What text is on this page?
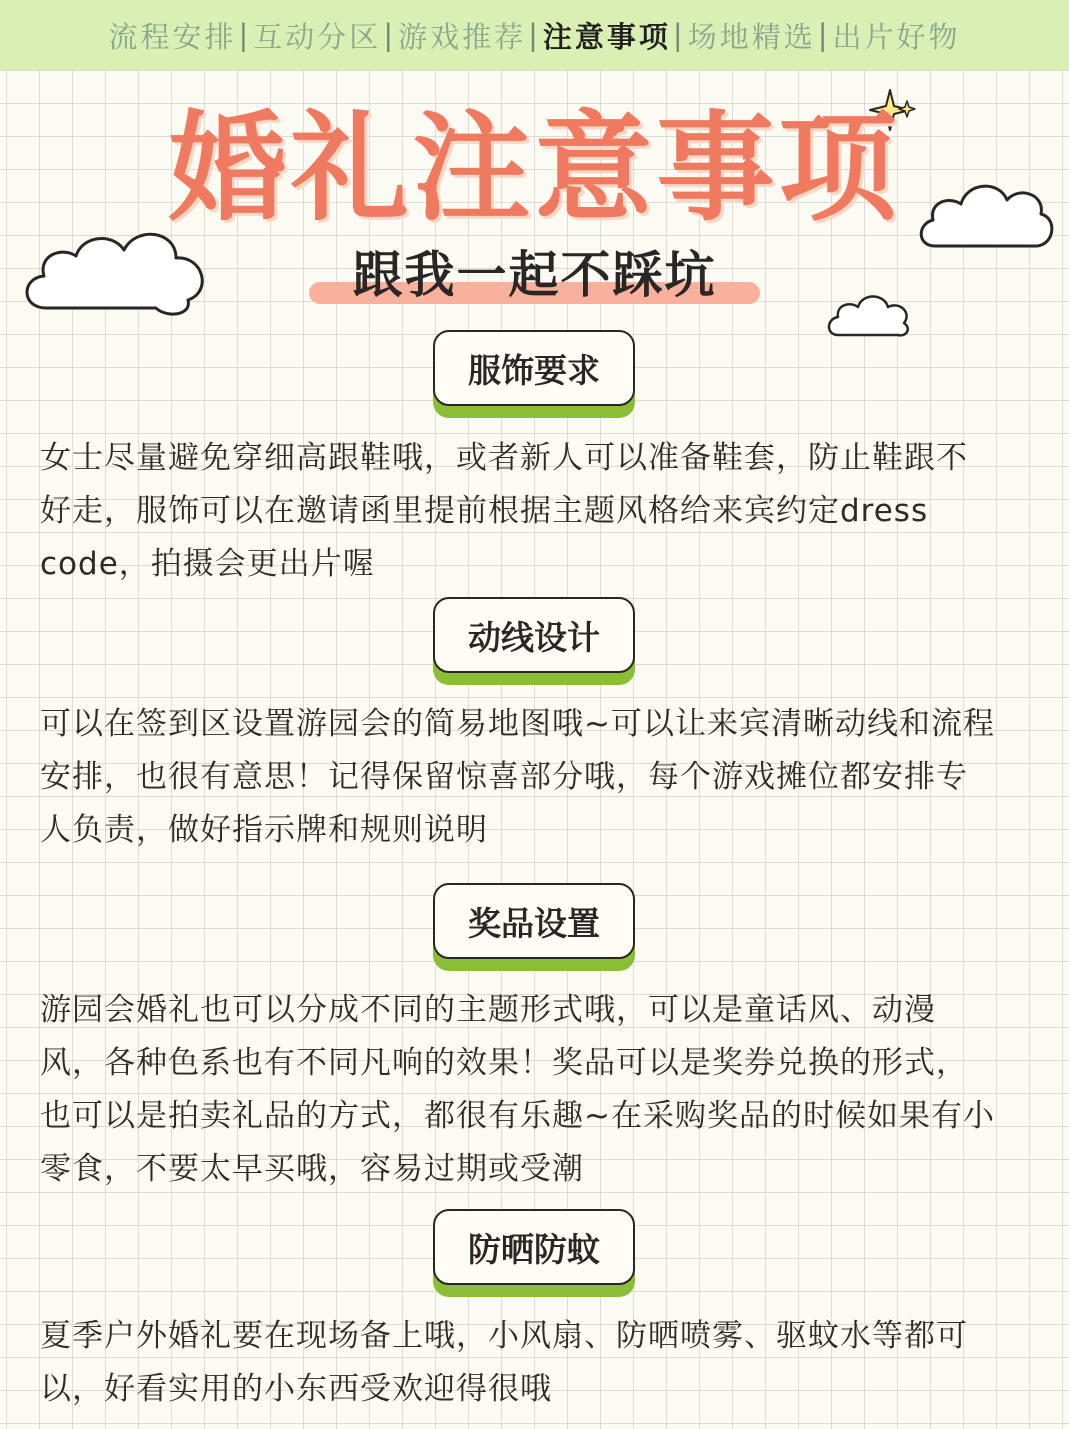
流程安排 | 互动分区 | 游戏推荐 | 注意事项 | 场地精选 | 出片好物
婚礼注意事项
跟我一起不踩坑
服饰要求

女士尽量避免穿细高跟鞋哦，或者新人可以准备鞋套，防止鞋跟不

好走，服饰可以在邀请函里提前根据主题风格给来宾约定dress

code，拍摄会更出片喔

动线设计

可以在签到区设置游园会的简易地图哦~可以让来宾清晰动线和流程

安排，也很有意思！记得保留惊喜部分哦，每个游戏摊位都安排专

人负责，做好指示牌和规则说明

奖品设置

游园会婚礼也可以分成不同的主题形式哦，可以是童话风、动漫

风，各种色系也有不同凡响的效果！奖品可以是奖券兑换的形式，

也可以是拍卖礼品的方式，都很有乐趣~在采购奖品的时候如果有小

零食，不要太早买哦，容易过期或受潮

防晒防蚊

夏季户外婚礼要在现场备上哦，小风扇、防晒喷雾、驱蚊水等都可

以，好看实用的小东西受欢迎得很哦
